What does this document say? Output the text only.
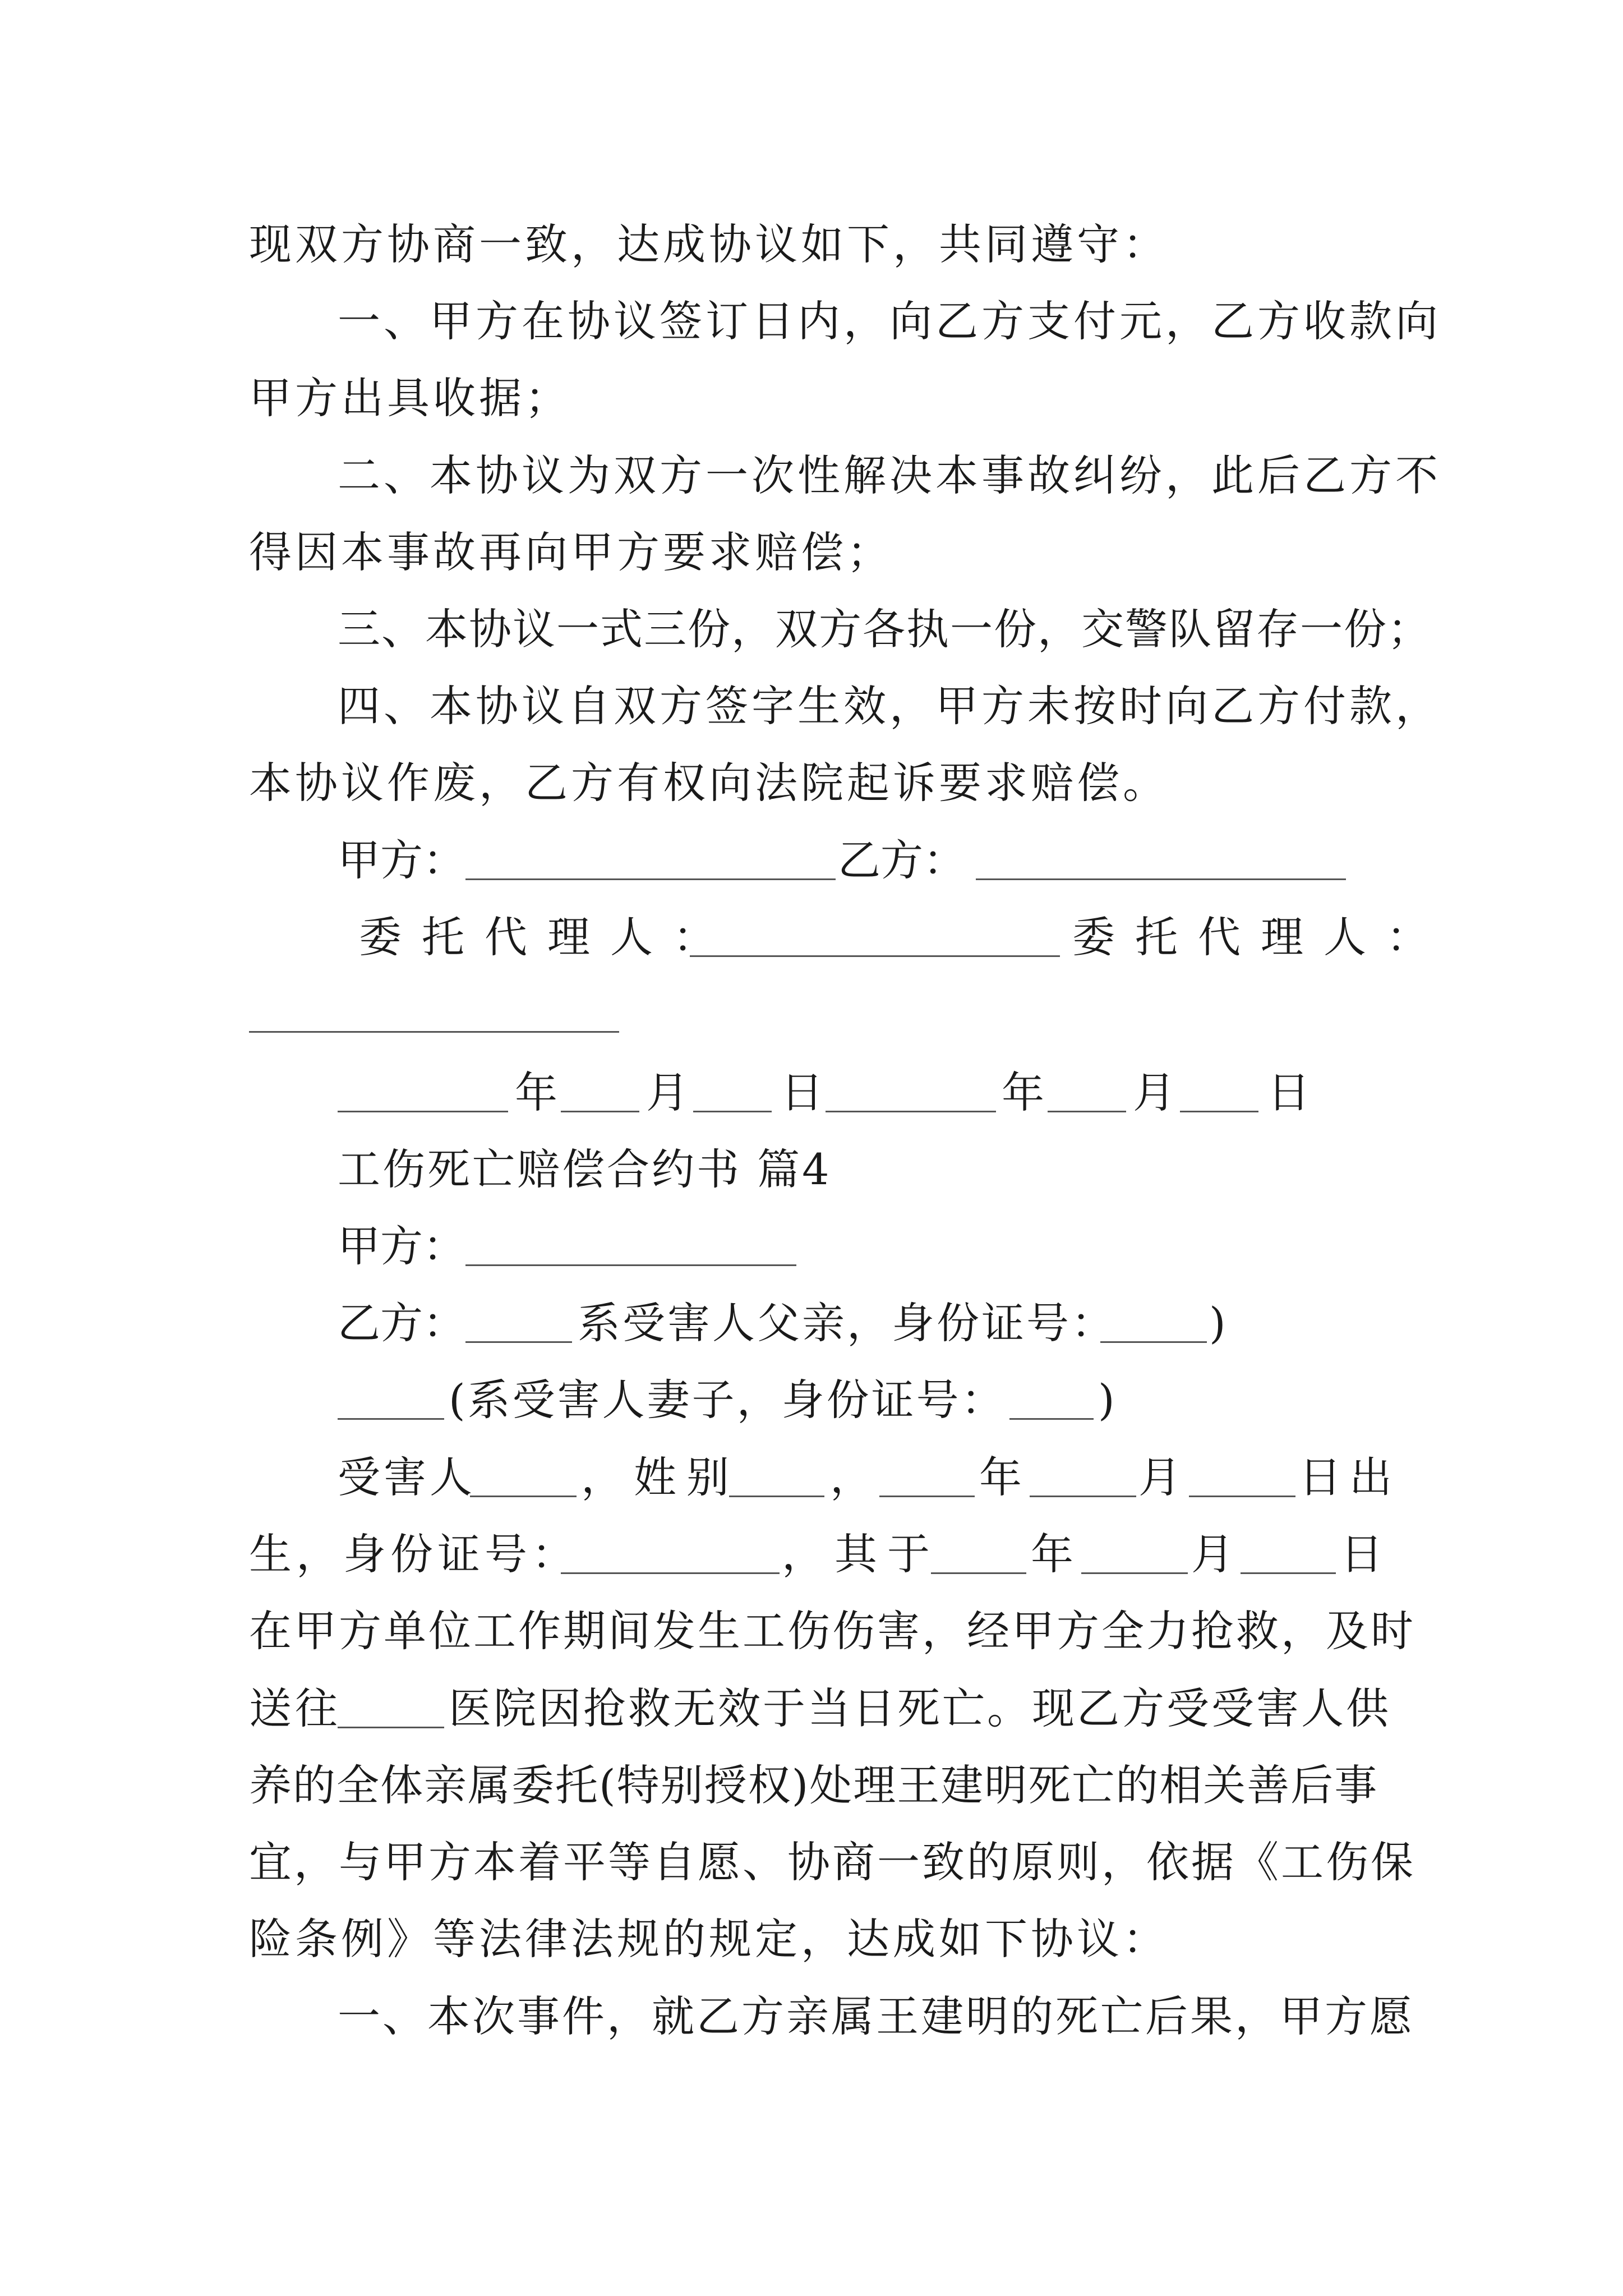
现双方协商一致，达成协议如下，共同遵守：
一、甲方在协议签订日内，向乙方支付元，乙方收款向
甲方出具收据；
二、本协议为双方一次性解决本事故纠纷，此后乙方不
得因本事故再向甲方要求赔偿；
三、本协议一式三份，双方各执一份，交警队留存一份；
四、本协议自双方签字生效，甲方未按时向乙方付款，
本协议作废，乙方有权向法院起诉要求赔偿。
甲方：	乙方：
委托代理人：	委托代理人：
年 月 日	年 月 日
工伤死亡赔偿合约书 篇4
甲方：
乙方：	系受害人父亲，身份证号： )
(系受害人妻子，身份证号： )
受害人 ，姓别 ，	年	月	日出
生，身份证号：	，其于 年	月	日
在甲方单位工作期间发生工伤伤害，经甲方全力抢救，及时
送往	医院因抢救无效于当日死亡。现乙方受受害人供
养的全体亲属委托(特别授权)处理王建明死亡的相关善后事
宜，与甲方本着平等自愿、协商一致的原则，依据《工伤保
险条例》等法律法规的规定，达成如下协议：
一、本次事件，就乙方亲属王建明的死亡后果，甲方愿
